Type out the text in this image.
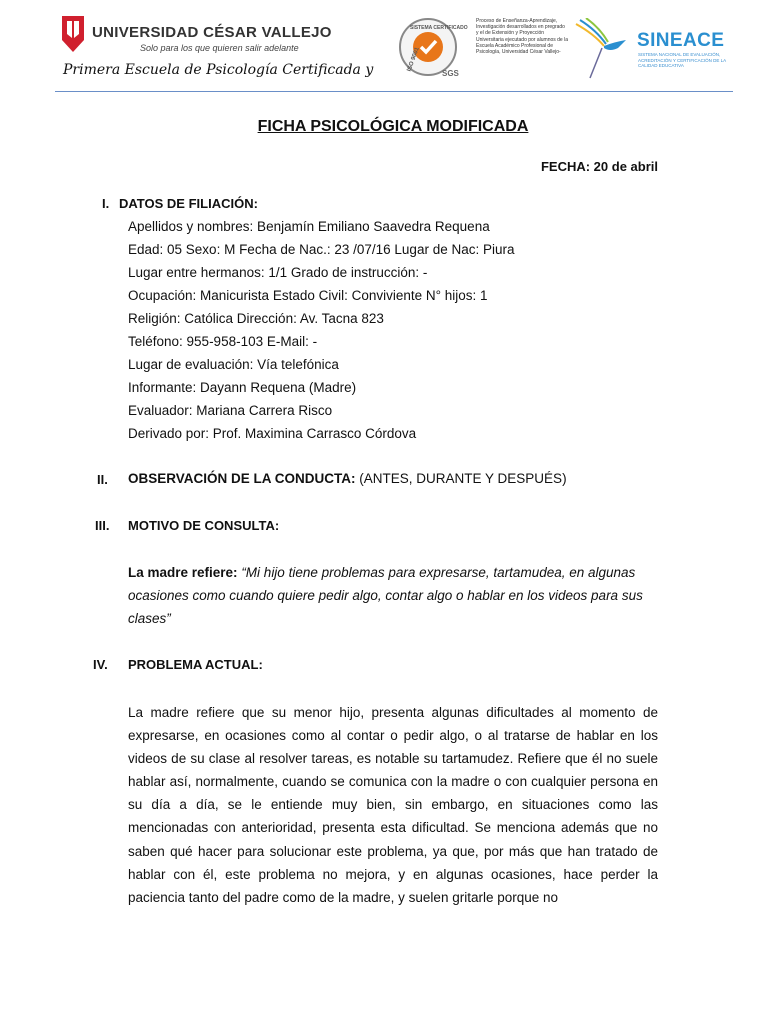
UNIVERSIDAD CÉSAR VALLEJO
Solo para los que quieren salir adelante
Primera Escuela de Psicología Certificada y
SISTEMA CERTIFICADO
ISO 9001
SGS
Proceso de Enseñanza-Aprendizaje, Investigación desarrollados en pregrado y el de Extensión y Proyección Universitaria ejecutado por alumnos de la Escuela Académico Profesional de Psicología, Universidad César Vallejo-
SINEACE
SISTEMA NACIONAL DE EVALUACIÓN, ACREDITACIÓN Y CERTIFICACIÓN DE LA CALIDAD EDUCATIVA
FICHA PSICOLÓGICA MODIFICADA
FECHA: 20 de abril
I. DATOS DE FILIACIÓN:
Apellidos y nombres: Benjamín Emiliano Saavedra Requena
Edad: 05 Sexo: M Fecha de Nac.: 23 /07/16 Lugar de Nac: Piura
Lugar entre hermanos: 1/1 Grado de instrucción: -
Ocupación: Manicurista Estado Civil: Conviviente N° hijos: 1
Religión: Católica Dirección: Av. Tacna 823
Teléfono: 955-958-103 E-Mail: -
Lugar de evaluación: Vía telefónica
Informante: Dayann Requena (Madre)
Evaluador: Mariana Carrera Risco
Derivado por: Prof. Maximina Carrasco Córdova
II. OBSERVACIÓN DE LA CONDUCTA: (ANTES, DURANTE Y DESPUÉS)
III. MOTIVO DE CONSULTA:
La madre refiere: “Mi hijo tiene problemas para expresarse, tartamudea, en algunas ocasiones como cuando quiere pedir algo, contar algo o hablar en los videos para sus clases”
IV. PROBLEMA ACTUAL:
La madre refiere que su menor hijo, presenta algunas dificultades al momento de expresarse, en ocasiones como al contar o pedir algo, o al tratarse de hablar en los videos de su clase al resolver tareas, es notable su tartamudez. Refiere que él no suele hablar así, normalmente, cuando se comunica con la madre o con cualquier persona en su día a día, se le entiende muy bien, sin embargo, en situaciones como las mencionadas con anterioridad, presenta esta dificultad. Se menciona además que no saben qué hacer para solucionar este problema, ya que, por más que han tratado de hablar con él, este problema no mejora, y en algunas ocasiones, hace perder la paciencia tanto del padre como de la madre, y suelen gritarle porque no
